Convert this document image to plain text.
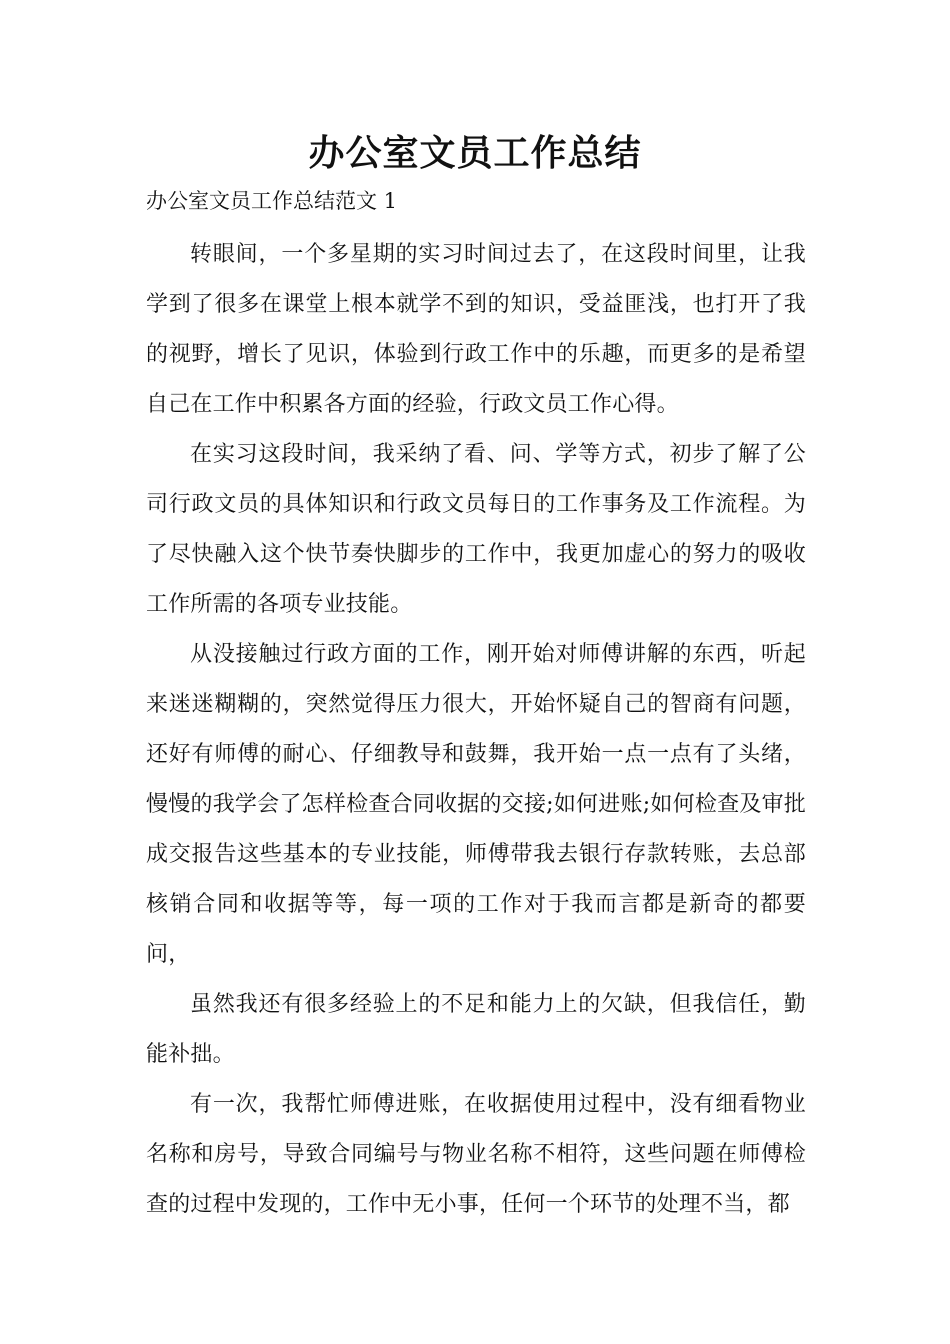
办公室文员工作总结

办公室文员工作总结范文 1

转眼间，一个多星期的实习时间过去了，在这段时间里，让我学到了很多在课堂上根本就学不到的知识，受益匪浅，也打开了我的视野，增长了见识，体验到行政工作中的乐趣，而更多的是希望自己在工作中积累各方面的经验，行政文员工作心得。

在实习这段时间，我采纳了看、问、学等方式，初步了解了公司行政文员的具体知识和行政文员每日的工作事务及工作流程。为了尽快融入这个快节奏快脚步的工作中，我更加虚心的努力的吸收工作所需的各项专业技能。

从没接触过行政方面的工作，刚开始对师傅讲解的东西，听起来迷迷糊糊的，突然觉得压力很大，开始怀疑自己的智商有问题，还好有师傅的耐心、仔细教导和鼓舞，我开始一点一点有了头绪，慢慢的我学会了怎样检查合同收据的交接;如何进账;如何检查及审批成交报告这些基本的专业技能，师傅带我去银行存款转账，去总部核销合同和收据等等，每一项的工作对于我而言都是新奇的都要问，

虽然我还有很多经验上的不足和能力上的欠缺，但我信任，勤能补拙。

有一次，我帮忙师傅进账，在收据使用过程中，没有细看物业名称和房号，导致合同编号与物业名称不相符，这些问题在师傅检查的过程中发现的，工作中无小事，任何一个环节的处理不当，都
